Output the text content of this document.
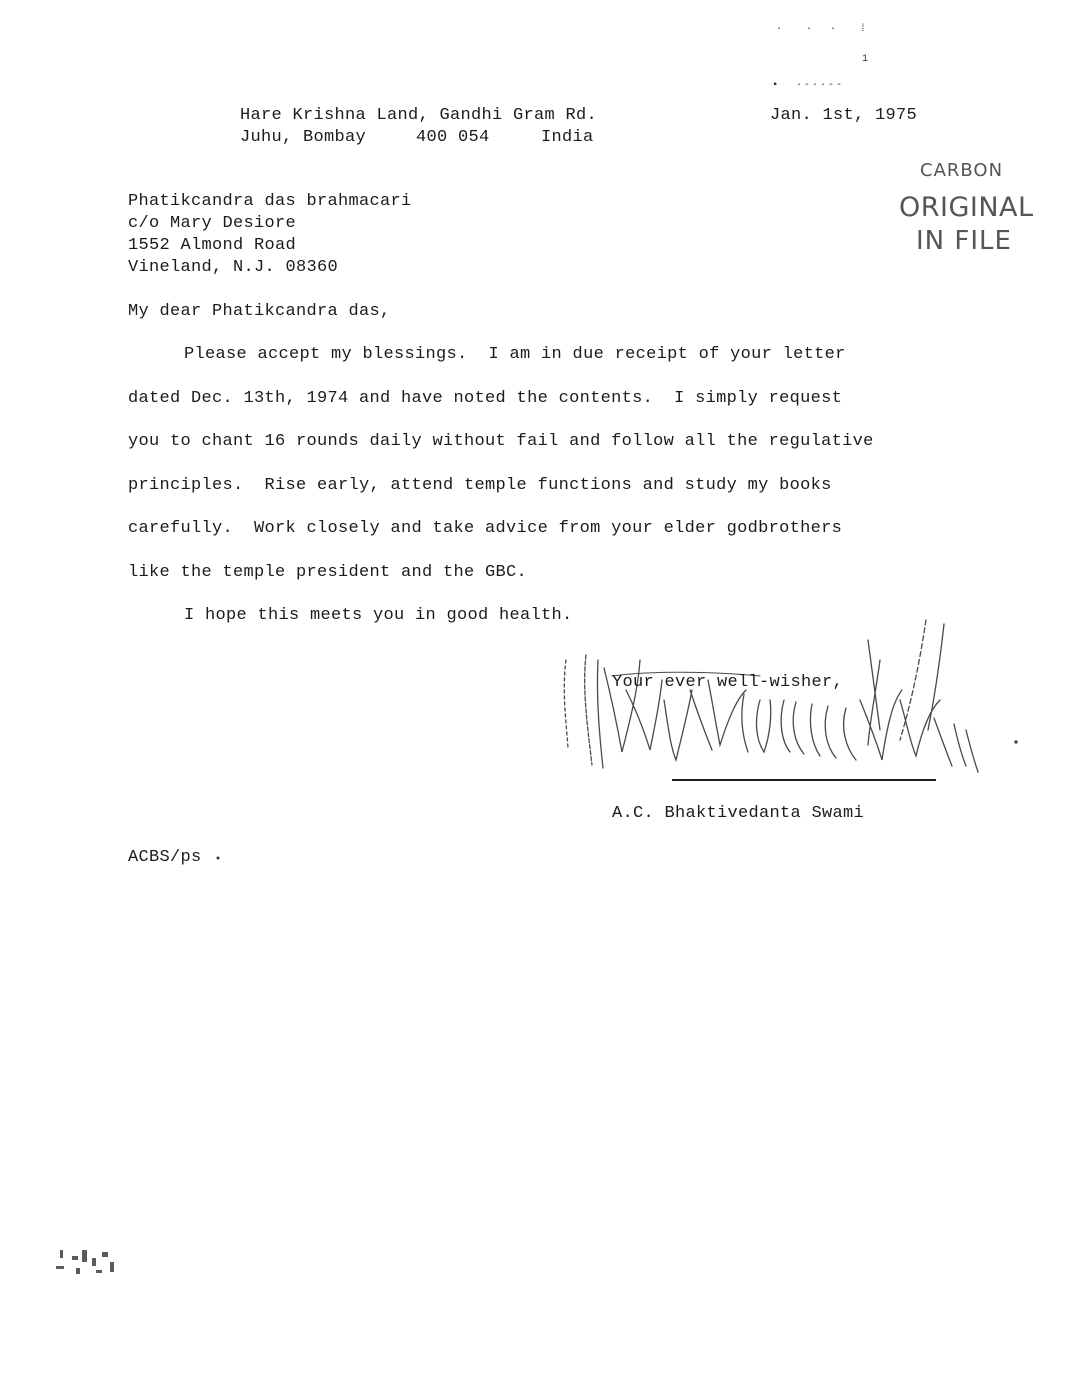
·    ·   ·    ⁞
1
▪  ·-··‐‐
Hare Krishna Land, Gandhi Gram Rd.
Juhu, Bombay	400 054	India
Jan. 1st, 1975
CARBON
ORIGINAL
IN FILE
Phatikcandra das brahmacari
c/o Mary Desiore
1552 Almond Road
Vineland, N.J. 08360
My dear Phatikcandra das,
Please accept my blessings.  I am in due receipt of your letter
dated Dec. 13th, 1974 and have noted the contents.  I simply request
you to chant 16 rounds daily without fail and follow all the regulative
principles.  Rise early, attend temple functions and study my books
carefully.  Work closely and take advice from your elder godbrothers
like the temple president and the GBC.
I hope this meets you in good health.
Your ever well-wisher,
A.C. Bhaktivedanta Swami
ACBS/ps
